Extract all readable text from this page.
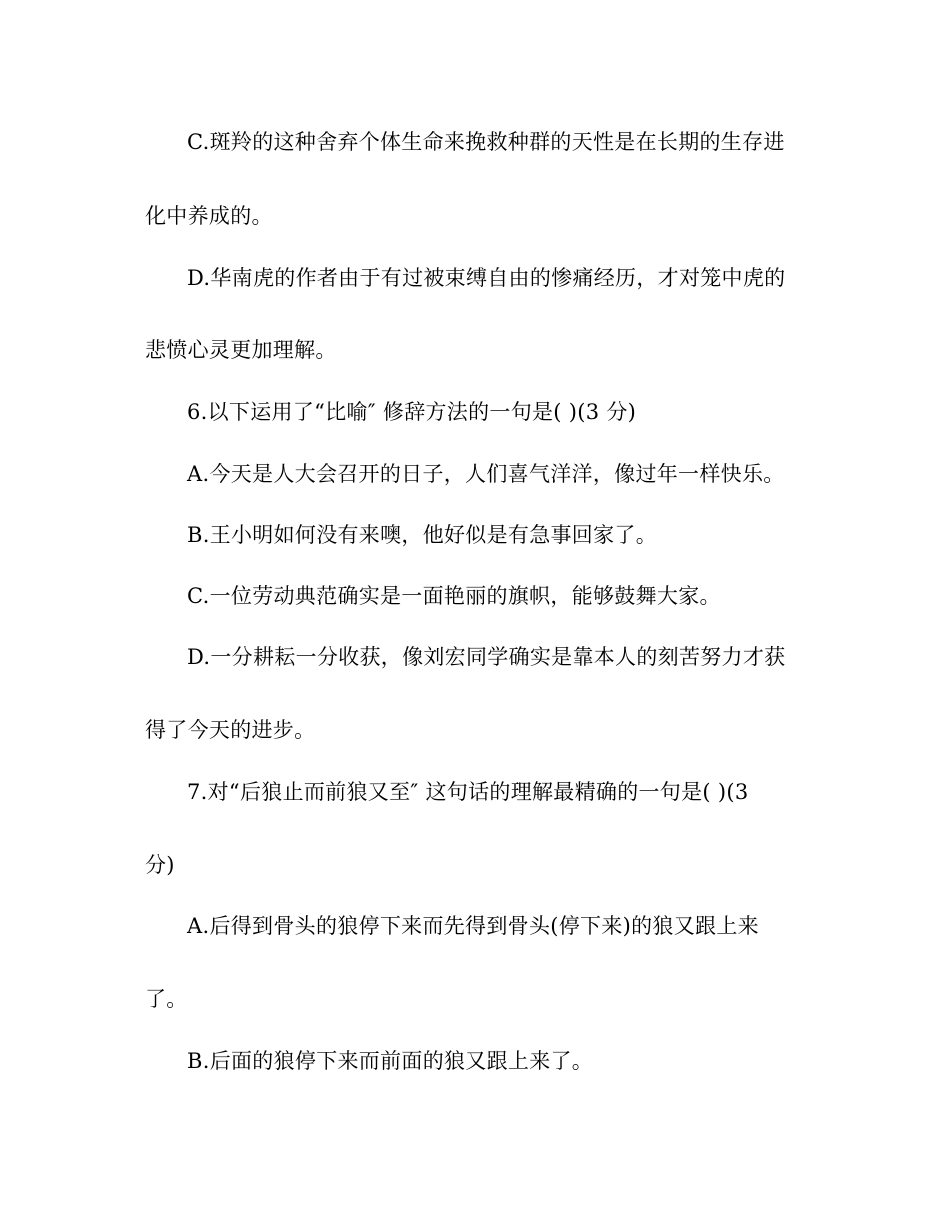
C.斑羚的这种舍弃个体生命来挽救种群的天性是在长期的生存进
化中养成的。
D.华南虎的作者由于有过被束缚自由的惨痛经历，才对笼中虎的
悲愤心灵更加理解。
6.以下运用了“比喻″ 修辞方法的一句是( )(3 分)
A.今天是人大会召开的日子，人们喜气洋洋，像过年一样快乐。
B.王小明如何没有来噢，他好似是有急事回家了。
C.一位劳动典范确实是一面艳丽的旗帜，能够鼓舞大家。
D.一分耕耘一分收获，像刘宏同学确实是靠本人的刻苦努力才获
得了今天的进步。
7.对“后狼止而前狼又至″ 这句话的理解最精确的一句是( )(3
分)
A.后得到骨头的狼停下来而先得到骨头(停下来)的狼又跟上来
了。
B.后面的狼停下来而前面的狼又跟上来了。
